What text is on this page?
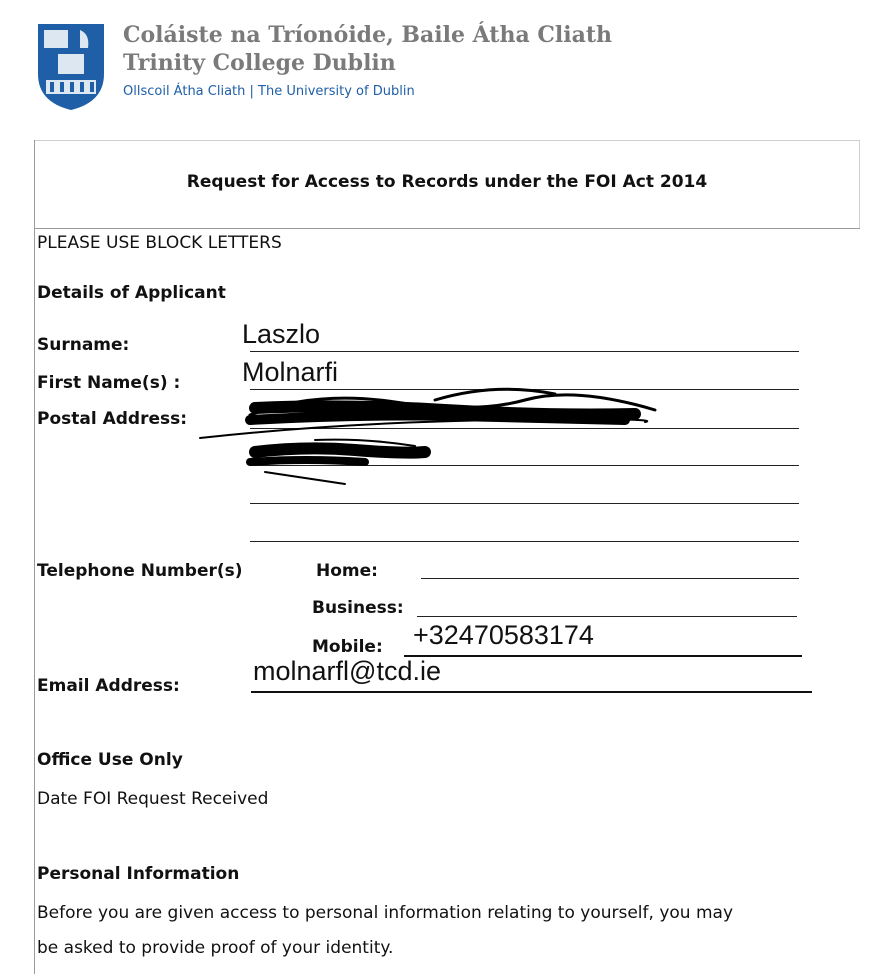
Coláiste na Tríonóide, Baile Átha Cliath
Trinity College Dublin
Ollscoil Átha Cliath | The University of Dublin
Request for Access to Records under the FOI Act 2014
PLEASE USE BLOCK LETTERS
Details of Applicant
Surname:	Laszlo
First Name(s) : Molnarfi
Postal Address:
Telephone Number(s)	Home:
Business:
Mobile: +32470583174
Email Address:	molnarfl@tcd.ie
Office Use Only
Date FOI Request Received
Personal Information
Before you are given access to personal information relating to yourself, you may
be asked to provide proof of your identity.
